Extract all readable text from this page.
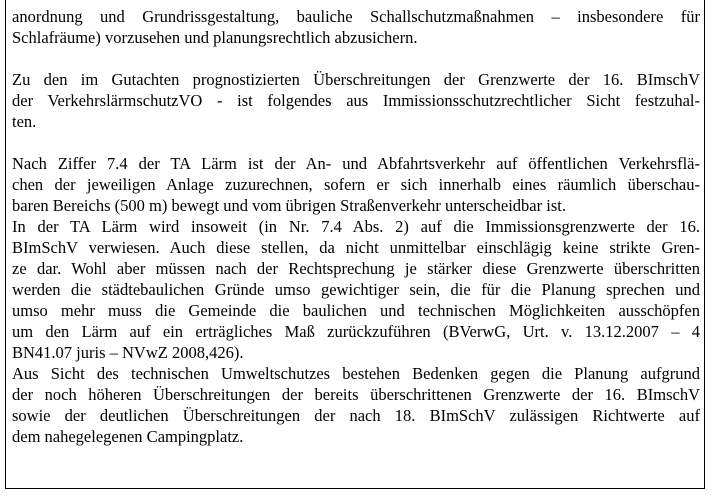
anordnung und Grundrissgestaltung, bauliche Schallschutzmaßnahmen – insbesondere für
Schlafräume) vorzusehen und planungsrechtlich abzusichern.
Zu den im Gutachten prognostizierten Überschreitungen der Grenzwerte der 16. BImschV
der VerkehrslärmschutzVO - ist folgendes aus Immissionsschutzrechtlicher Sicht festzuhal-
ten.
Nach Ziffer 7.4 der TA Lärm ist der An- und Abfahrtsverkehr auf öffentlichen Verkehrsflä-
chen der jeweiligen Anlage zuzurechnen, sofern er sich innerhalb eines räumlich überschau-
baren Bereichs (500 m) bewegt und vom übrigen Straßenverkehr unterscheidbar ist.
In der TA Lärm wird insoweit (in Nr. 7.4 Abs. 2) auf die Immissionsgrenzwerte der 16.
BImSchV verwiesen. Auch diese stellen, da nicht unmittelbar einschlägig keine strikte Gren-
ze dar. Wohl aber müssen nach der Rechtsprechung je stärker diese Grenzwerte überschritten
werden die städtebaulichen Gründe umso gewichtiger sein, die für die Planung sprechen und
umso mehr muss die Gemeinde die baulichen und technischen Möglichkeiten ausschöpfen
um den Lärm auf ein erträgliches Maß zurückzuführen (BVerwG, Urt. v. 13.12.2007 – 4
BN41.07 juris – NVwZ 2008,426).
Aus Sicht des technischen Umweltschutzes bestehen Bedenken gegen die Planung aufgrund
der noch höheren Überschreitungen der bereits überschrittenen Grenzwerte der 16. BImschV
sowie der deutlichen Überschreitungen der nach 18. BImSchV zulässigen Richtwerte auf
dem nahegelegenen Campingplatz.
